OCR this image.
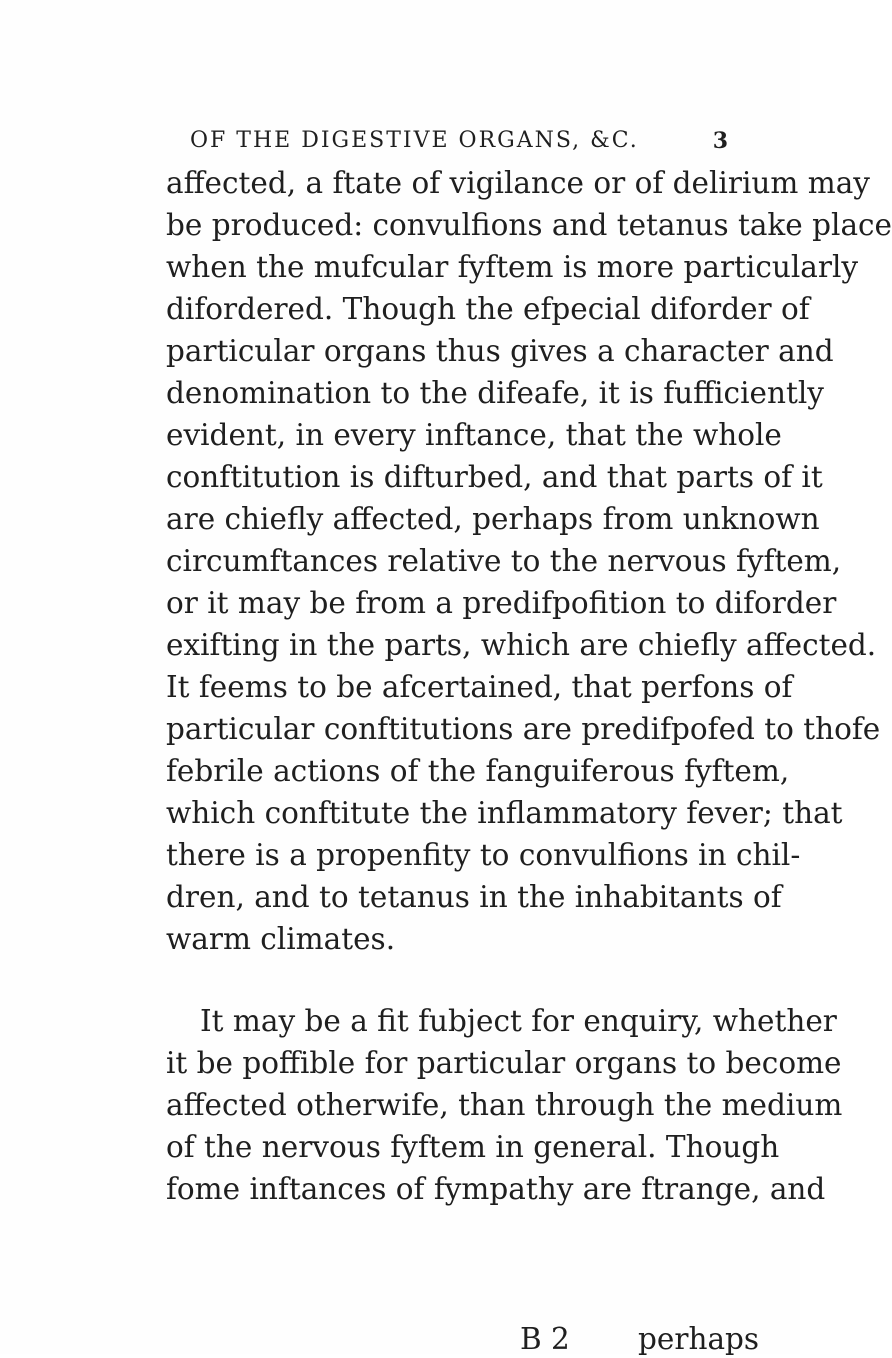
OF THE DIGESTIVE ORGANS, &C.	3
affected, a ftate of vigilance or of delirium may
be produced: convulfions and tetanus take place
when the mufcular fyftem is more particularly
difordered. Though the efpecial diforder of
particular organs thus gives a character and
denomination to the difeafe, it is fufficiently
evident, in every inftance, that the whole
conftitution is difturbed, and that parts of it
are chiefly affected, perhaps from unknown
circumftances relative to the nervous fyftem,
or it may be from a predifpofition to diforder
exifting in the parts, which are chiefly affected.
It feems to be afcertained, that perfons of
particular conftitutions are predifpofed to thofe
febrile actions of the fanguiferous fyftem,
which conftitute the inflammatory fever; that
there is a propenfity to convulfions in chil-
dren, and to tetanus in the inhabitants of
warm climates.
It may be a fit fubject for enquiry, whether
it be poffible for particular organs to become
affected otherwife, than through the medium
of the nervous fyftem in general. Though
fome inftances of fympathy are ftrange, and
B 2 perhaps
